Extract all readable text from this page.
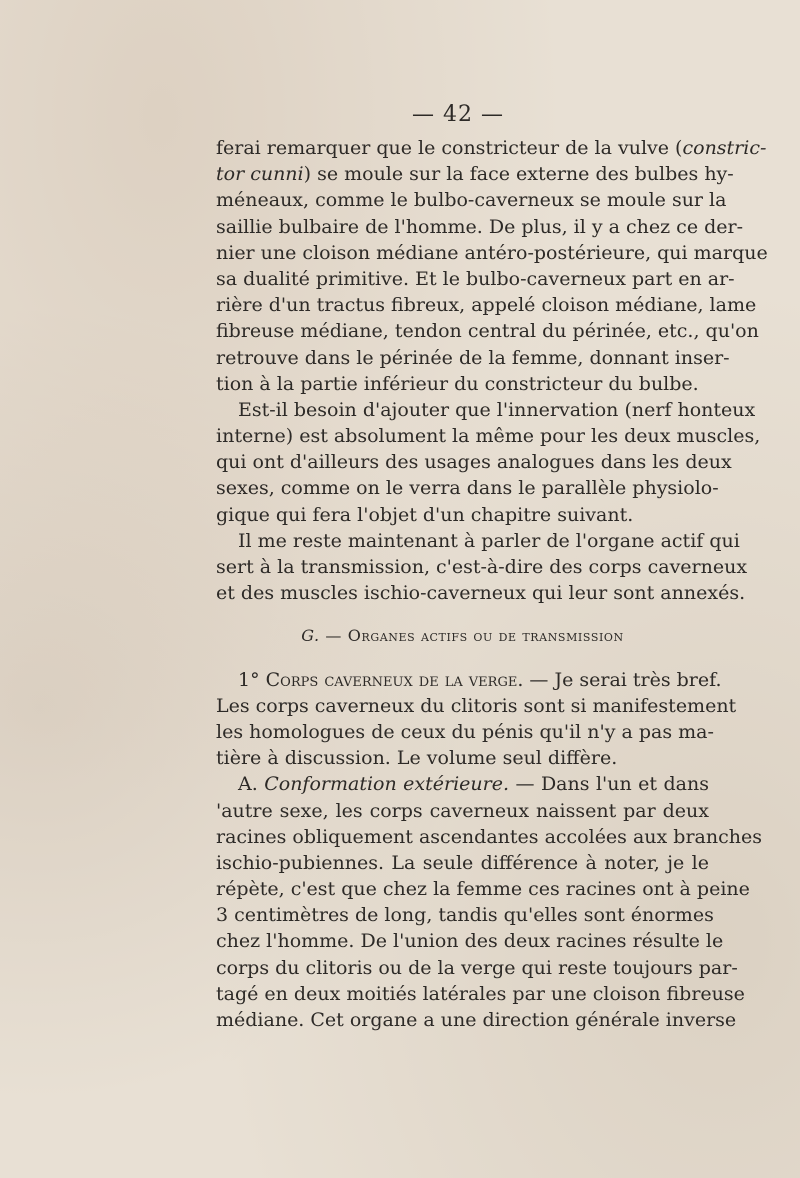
— 42 —
ferai remarquer que le constricteur de la vulve (constric-
tor cunni) se moule sur la face externe des bulbes hy-
méneaux, comme le bulbo-caverneux se moule sur la
saillie bulbaire de l'homme. De plus, il y a chez ce der-
nier une cloison médiane antéro-postérieure, qui marque
sa dualité primitive. Et le bulbo-caverneux part en ar-
rière d'un tractus fibreux, appelé cloison médiane, lame
fibreuse médiane, tendon central du périnée, etc., qu'on
retrouve dans le périnée de la femme, donnant inser-
tion à la partie inférieur du constricteur du bulbe.
Est-il besoin d'ajouter que l'innervation (nerf honteux
interne) est absolument la même pour les deux muscles,
qui ont d'ailleurs des usages analogues dans les deux
sexes, comme on le verra dans le parallèle physiolo-
gique qui fera l'objet d'un chapitre suivant.
Il me reste maintenant à parler de l'organe actif qui
sert à la transmission, c'est-à-dire des corps caverneux
et des muscles ischio-caverneux qui leur sont annexés.
G. — Organes actifs ou de transmission
1° Corps caverneux de la verge. — Je serai très bref.
Les corps caverneux du clitoris sont si manifestement
les homologues de ceux du pénis qu'il n'y a pas ma-
tière à discussion. Le volume seul diffère.
A. Conformation extérieure. — Dans l'un et dans
'autre sexe, les corps caverneux naissent par deux
racines obliquement ascendantes accolées aux branches
ischio-pubiennes. La seule différence à noter, je le
répète, c'est que chez la femme ces racines ont à peine
3 centimètres de long, tandis qu'elles sont énormes
chez l'homme. De l'union des deux racines résulte le
corps du clitoris ou de la verge qui reste toujours par-
tagé en deux moitiés latérales par une cloison fibreuse
médiane. Cet organe a une direction générale inverse
